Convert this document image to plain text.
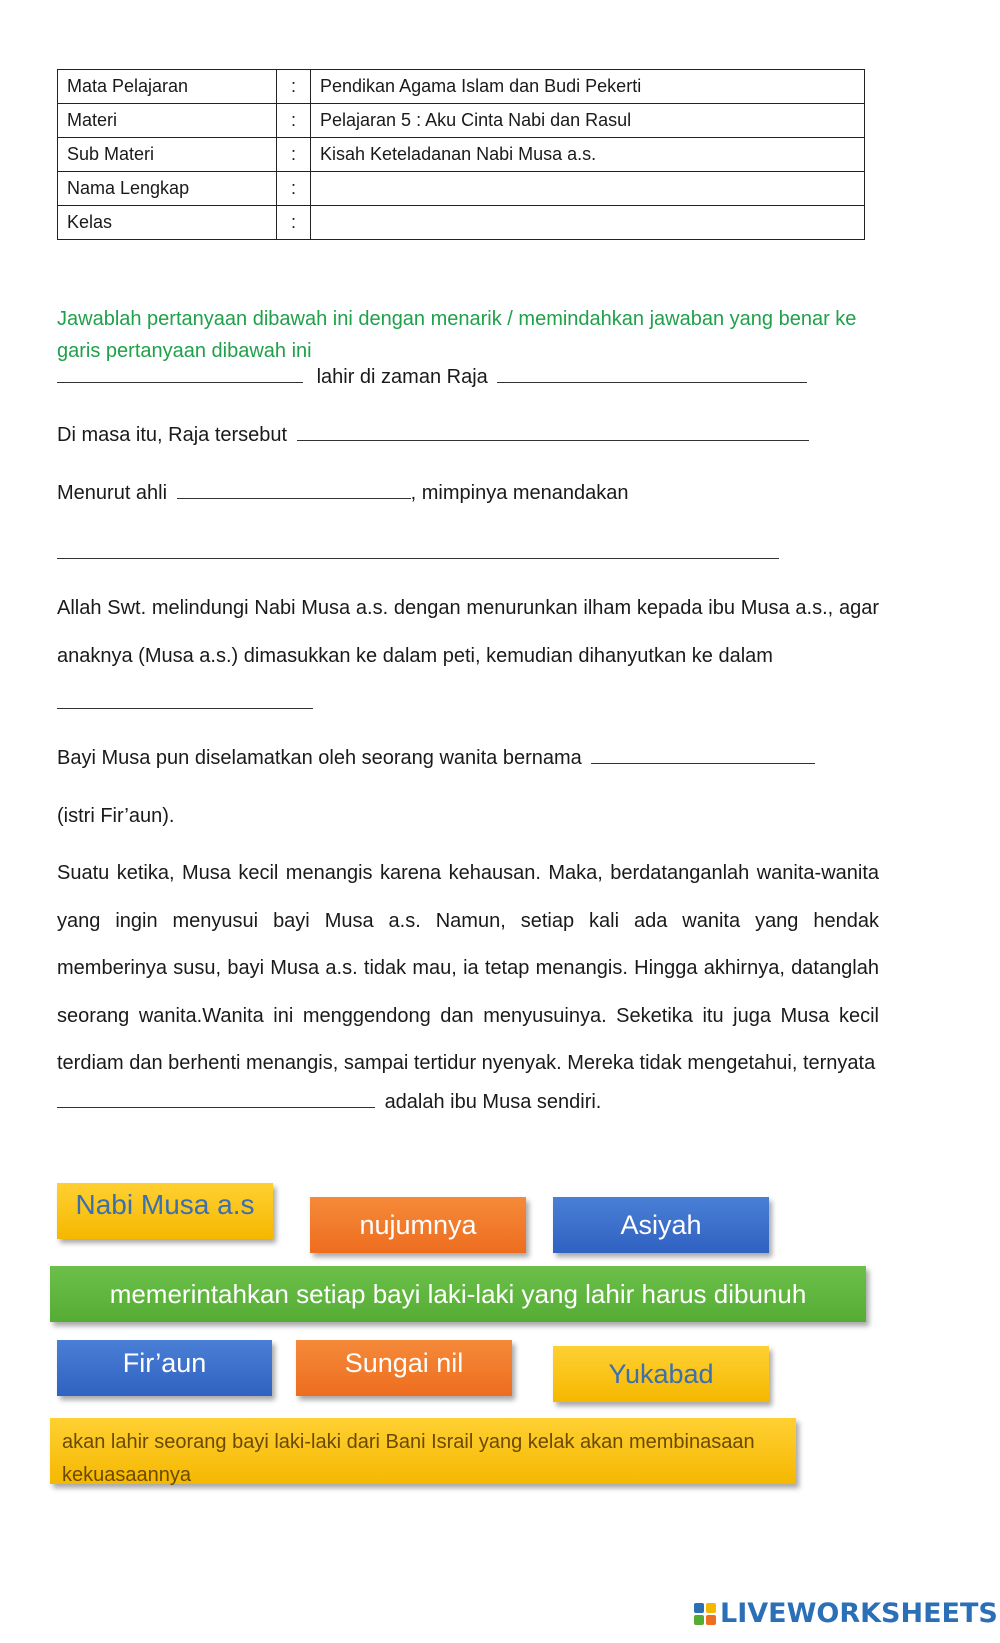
Mata Pelajaran	:	Pendikan Agama Islam dan Budi Pekerti
Materi	:	Pelajaran 5 : Aku Cinta Nabi dan Rasul
Sub Materi	:	Kisah Keteladanan Nabi Musa a.s.
Nama Lengkap	:	
Kelas	:	
Jawablah pertanyaan dibawah ini dengan menarik / memindahkan jawaban yang benar ke garis pertanyaan dibawah ini
lahir di zaman Raja
Di masa itu, Raja tersebut
Menurut ahli	, mimpinya menandakan
Allah Swt. melindungi Nabi Musa a.s. dengan menurunkan ilham kepada ibu Musa a.s., agar anaknya (Musa a.s.) dimasukkan ke dalam peti, kemudian dihanyutkan ke dalam
Bayi Musa pun diselamatkan oleh seorang wanita bernama
(istri Fir’aun).
Suatu ketika, Musa kecil menangis karena kehausan. Maka, berdatanganlah wanita-wanita yang ingin menyusui bayi Musa a.s. Namun, setiap kali ada wanita yang hendak memberinya susu, bayi Musa a.s. tidak mau, ia tetap menangis. Hingga akhirnya, datanglah seorang wanita.Wanita ini menggendong dan menyusuinya. Seketika itu juga Musa kecil terdiam dan berhenti menangis, sampai tertidur nyenyak. Mereka tidak mengetahui, ternyata
adalah ibu Musa sendiri.
Nabi Musa a.s
nujumnya	Asiyah
memerintahkan setiap bayi laki-laki yang lahir harus dibunuh
Fir’aun	Sungai nil	Yukabad
akan lahir seorang bayi laki-laki dari Bani Israil yang kelak akan membinasaan kekuasaannya
LIVEWORKSHEETS
